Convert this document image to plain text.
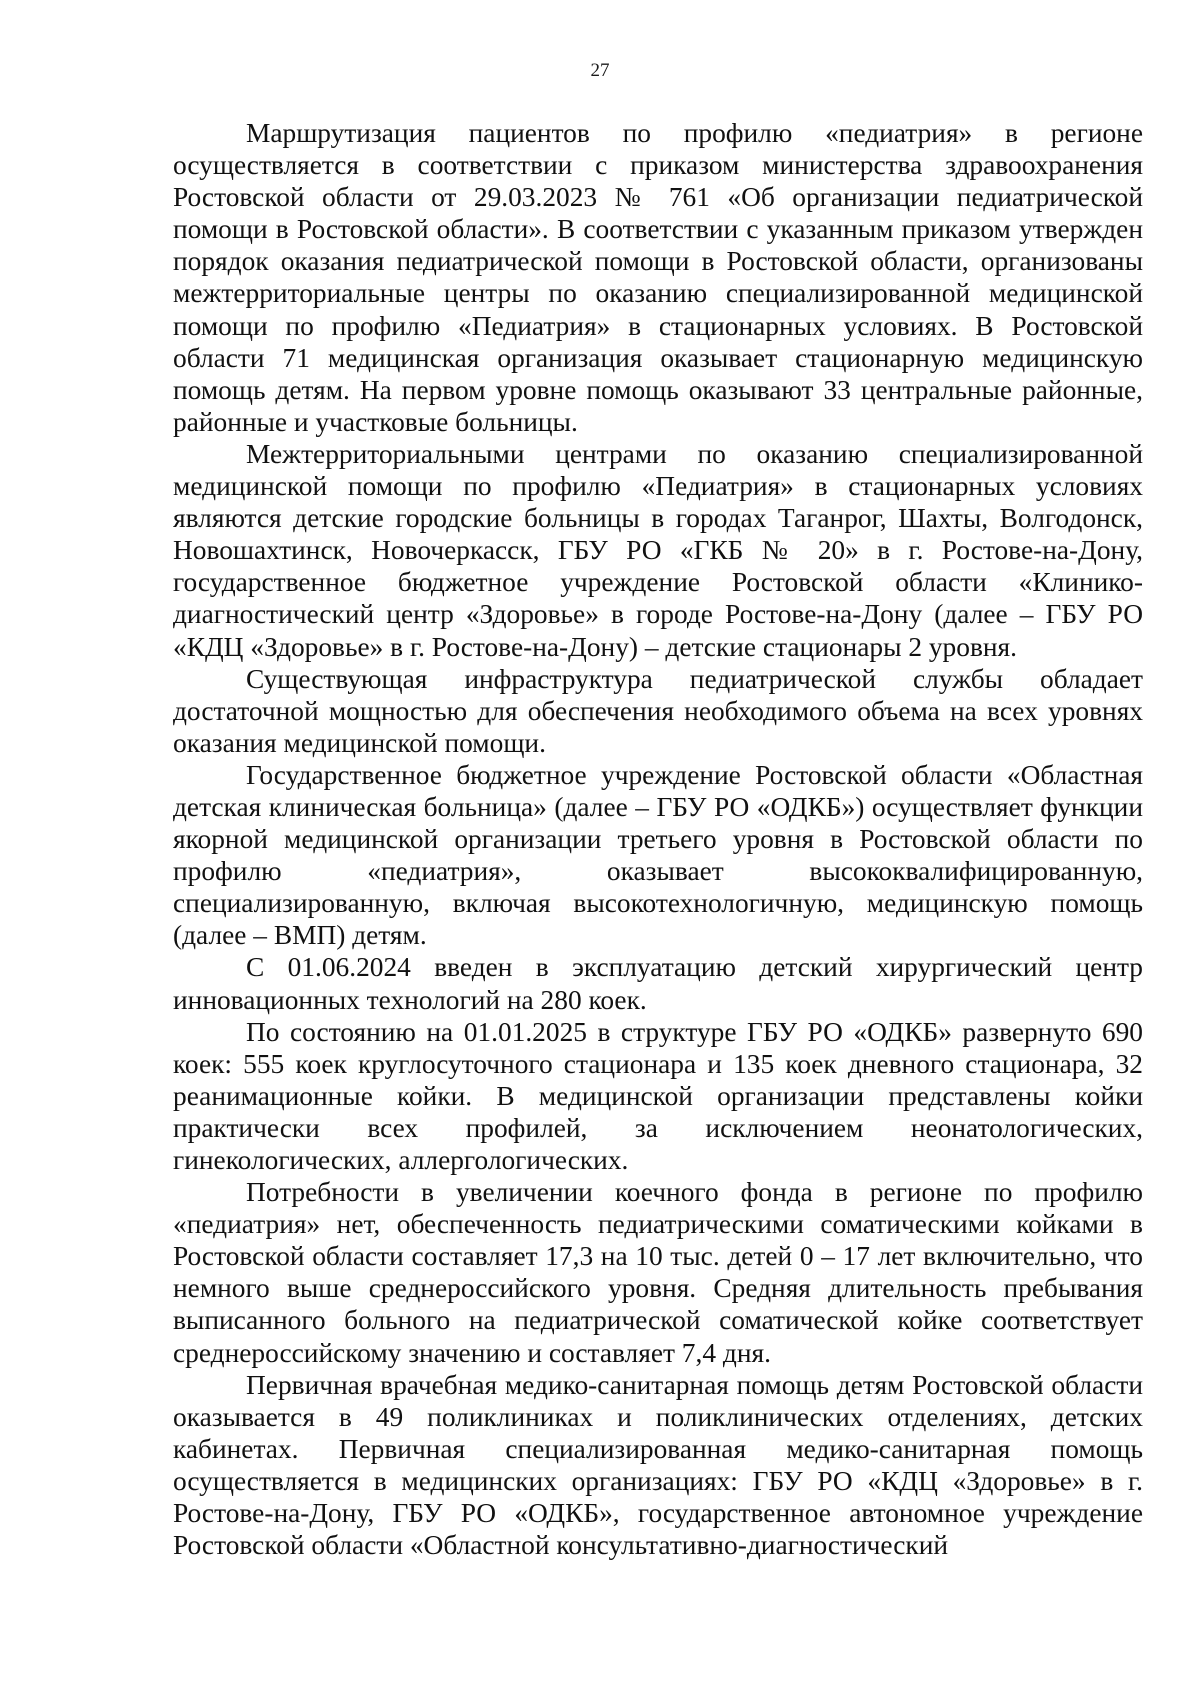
27

Маршрутизация пациентов по профилю «педиатрия» в регионе осуществляется в соответствии с приказом министерства здравоохранения Ростовской области от 29.03.2023 № 761 «Об организации педиатрической помощи в Ростовской области». В соответствии с указанным приказом утвержден порядок оказания педиатрической помощи в Ростовской области, организованы межтерриториальные центры по оказанию специализированной медицинской помощи по профилю «Педиатрия» в стационарных условиях. В Ростовской области 71 медицинская организация оказывает стационарную медицинскую помощь детям. На первом уровне помощь оказывают 33 центральные районные, районные и участковые больницы.

Межтерриториальными центрами по оказанию специализированной медицинской помощи по профилю «Педиатрия» в стационарных условиях являются детские городские больницы в городах Таганрог, Шахты, Волгодонск, Новошахтинск, Новочеркасск, ГБУ РО «ГКБ № 20» в г. Ростове-на-Дону, государственное бюджетное учреждение Ростовской области «Клинико-диагностический центр «Здоровье» в городе Ростове-на-Дону (далее – ГБУ РО «КДЦ «Здоровье» в г. Ростове-на-Дону) – детские стационары 2 уровня.

Существующая инфраструктура педиатрической службы обладает достаточной мощностью для обеспечения необходимого объема на всех уровнях оказания медицинской помощи.

Государственное бюджетное учреждение Ростовской области «Областная детская клиническая больница» (далее – ГБУ РО «ОДКБ») осуществляет функции якорной медицинской организации третьего уровня в Ростовской области по профилю «педиатрия», оказывает высококвалифицированную, специализированную, включая высокотехнологичную, медицинскую помощь (далее – ВМП) детям.

С 01.06.2024 введен в эксплуатацию детский хирургический центр инновационных технологий на 280 коек.

По состоянию на 01.01.2025 в структуре ГБУ РО «ОДКБ» развернуто 690 коек: 555 коек круглосуточного стационара и 135 коек дневного стационара, 32 реанимационные койки. В медицинской организации представлены койки практически всех профилей, за исключением неонатологических, гинекологических, аллергологических.

Потребности в увеличении коечного фонда в регионе по профилю «педиатрия» нет, обеспеченность педиатрическими соматическими койками в Ростовской области составляет 17,3 на 10 тыс. детей 0 – 17 лет включительно, что немного выше среднероссийского уровня. Средняя длительность пребывания выписанного больного на педиатрической соматической койке соответствует среднероссийскому значению и составляет 7,4 дня.

Первичная врачебная медико-санитарная помощь детям Ростовской области оказывается в 49 поликлиниках и поликлинических отделениях, детских кабинетах. Первичная специализированная медико-санитарная помощь осуществляется в медицинских организациях: ГБУ РО «КДЦ «Здоровье» в г. Ростове-на-Дону, ГБУ РО «ОДКБ», государственное автономное учреждение Ростовской области «Областной консультативно-диагностический
